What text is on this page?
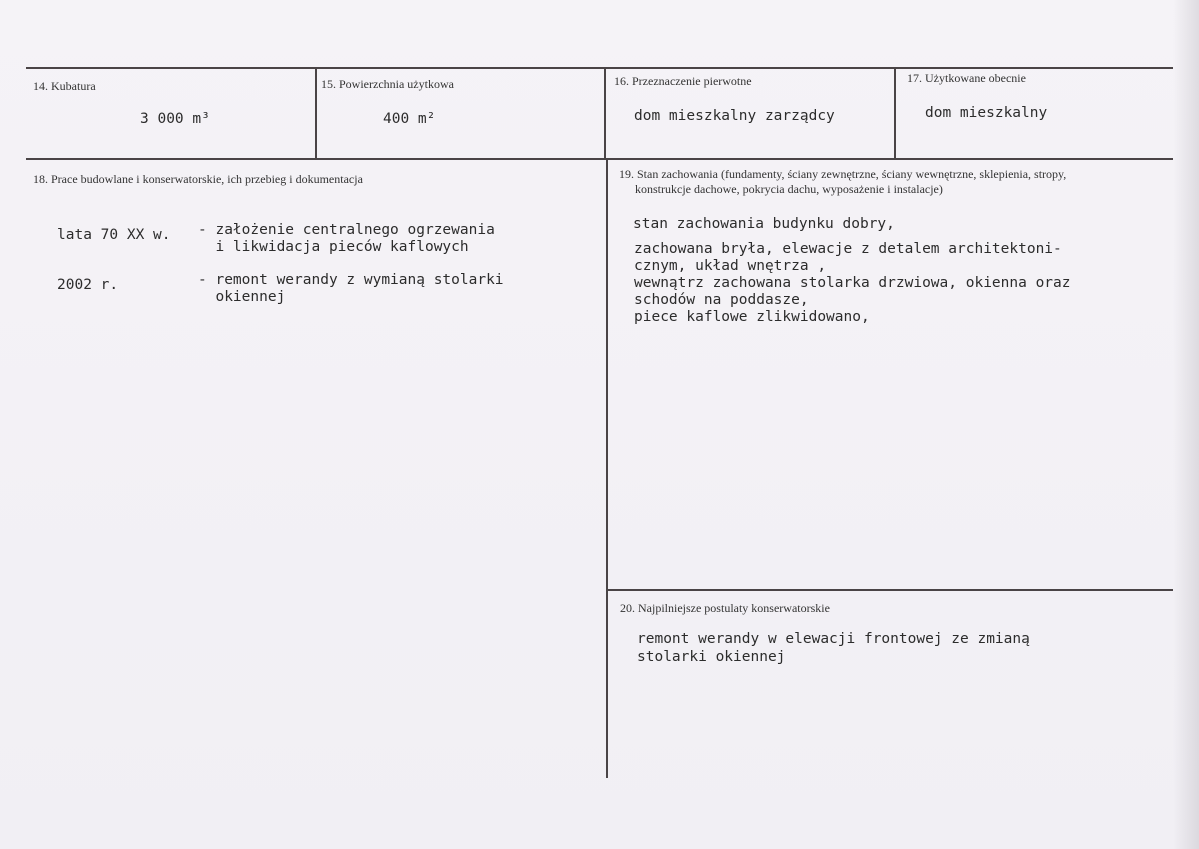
14. Kubatura
3 000 m³
15. Powierzchnia użytkowa
400 m²
16. Przeznaczenie pierwotne
dom mieszkalny zarządcy
17. Użytkowane obecnie
dom mieszkalny
18. Prace budowlane i konserwatorskie, ich przebieg i dokumentacja
lata 70 XX w. - założenie centralnego ogrzewania
i likwidacja pieców kaflowych
2002 r.	- remont werandy z wymianą stolarki
okiennej
19. Stan zachowania (fundamenty, ściany zewnętrzne, ściany wewnętrzne, sklepienia, stropy,
konstrukcje dachowe, pokrycia dachu, wyposażenie i instalacje)
stan zachowania budynku dobry,
zachowana bryła, elewacje z detalem architektoni-
cznym, układ wnętrza ,
wewnątrz zachowana stolarka drzwiowa, okienna oraz
schodów na poddasze,
piece kaflowe zlikwidowano,
20. Najpilniejsze postulaty konserwatorskie
remont werandy w elewacji frontowej ze zmianą
stolarki okiennej
